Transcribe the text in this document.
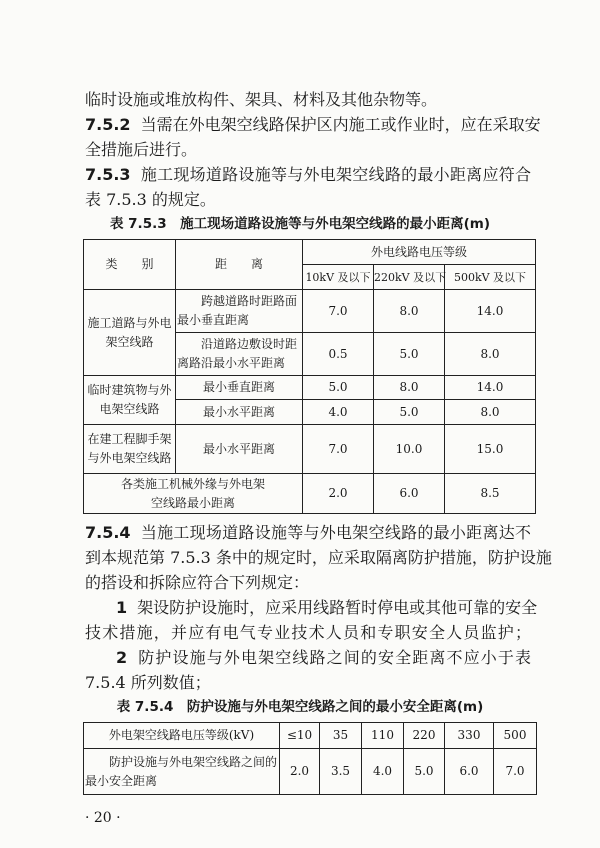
临时设施或堆放构件、架具、材料及其他杂物等。
7.5.2 当需在外电架空线路保护区内施工或作业时，应在采取安
全措施后进行。
7.5.3 施工现场道路设施等与外电架空线路的最小距离应符合
表 7.5.3 的规定。
表 7.5.3　施工现场道路设施等与外电架空线路的最小距离(m)
类　　别	距　　离	外电线路电压等级		
		10kV 及以下	220kV 及以下	500kV 及以下
施工道路与外电架空线路	跨越道路时距路面最小垂直距离	7.0	8.0	14.0
	沿道路边敷设时距离路沿最小水平距离	0.5	5.0	8.0
临时建筑物与外电架空线路	最小垂直距离	5.0	8.0	14.0
	最小水平距离	4.0	5.0	8.0
在建工程脚手架与外电架空线路	最小水平距离	7.0	10.0	15.0
各类施工机械外缘与外电架空线路最小距离		2.0	6.0	8.5
7.5.4 当施工现场道路设施等与外电架空线路的最小距离达不
到本规范第 7.5.3 条中的规定时，应采取隔离防护措施，防护设施
的搭设和拆除应符合下列规定：
1 架设防护设施时，应采用线路暂时停电或其他可靠的安全
技术措施，并应有电气专业技术人员和专职安全人员监护；
2 防护设施与外电架空线路之间的安全距离不应小于表
7.5.4 所列数值；
表 7.5.4　防护设施与外电架空线路之间的最小安全距离(m)
外电架空线路电压等级(kV)	≤10	35	110	220	330	500
防护设施与外电架空线路之间的最小安全距离	2.0	3.5	4.0	5.0	6.0	7.0
· 20 ·
